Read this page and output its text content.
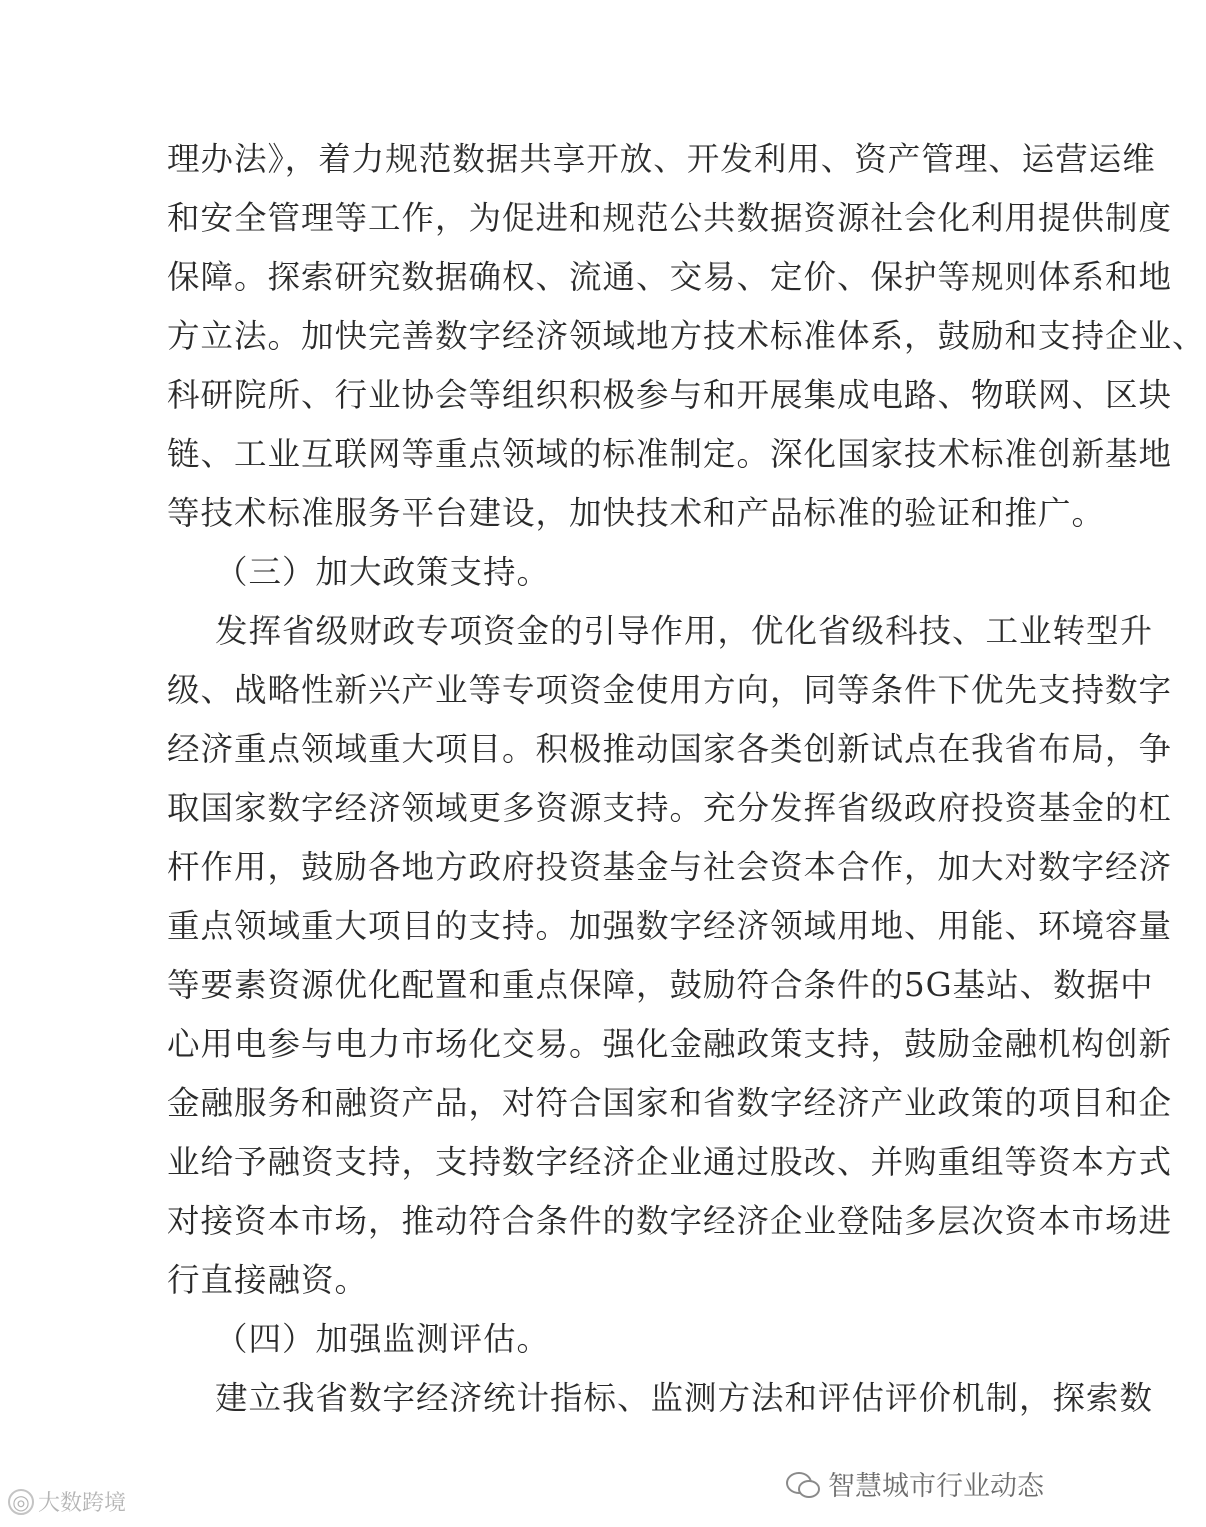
理办法》，着力规范数据共享开放、开发利用、资产管理、运营运维
和安全管理等工作，为促进和规范公共数据资源社会化利用提供制度
保障。探索研究数据确权、流通、交易、定价、保护等规则体系和地
方立法。加快完善数字经济领域地方技术标准体系，鼓励和支持企业、
科研院所、行业协会等组织积极参与和开展集成电路、物联网、区块
链、工业互联网等重点领域的标准制定。深化国家技术标准创新基地
等技术标准服务平台建设，加快技术和产品标准的验证和推广。
（三）加大政策支持。
发挥省级财政专项资金的引导作用，优化省级科技、工业转型升
级、战略性新兴产业等专项资金使用方向，同等条件下优先支持数字
经济重点领域重大项目。积极推动国家各类创新试点在我省布局，争
取国家数字经济领域更多资源支持。充分发挥省级政府投资基金的杠
杆作用，鼓励各地方政府投资基金与社会资本合作，加大对数字经济
重点领域重大项目的支持。加强数字经济领域用地、用能、环境容量
等要素资源优化配置和重点保障，鼓励符合条件的5G基站、数据中
心用电参与电力市场化交易。强化金融政策支持，鼓励金融机构创新
金融服务和融资产品，对符合国家和省数字经济产业政策的项目和企
业给予融资支持，支持数字经济企业通过股改、并购重组等资本方式
对接资本市场，推动符合条件的数字经济企业登陆多层次资本市场进
行直接融资。
（四）加强监测评估。
建立我省数字经济统计指标、监测方法和评估评价机制，探索数
智慧城市行业动态
◎ 大数跨境
